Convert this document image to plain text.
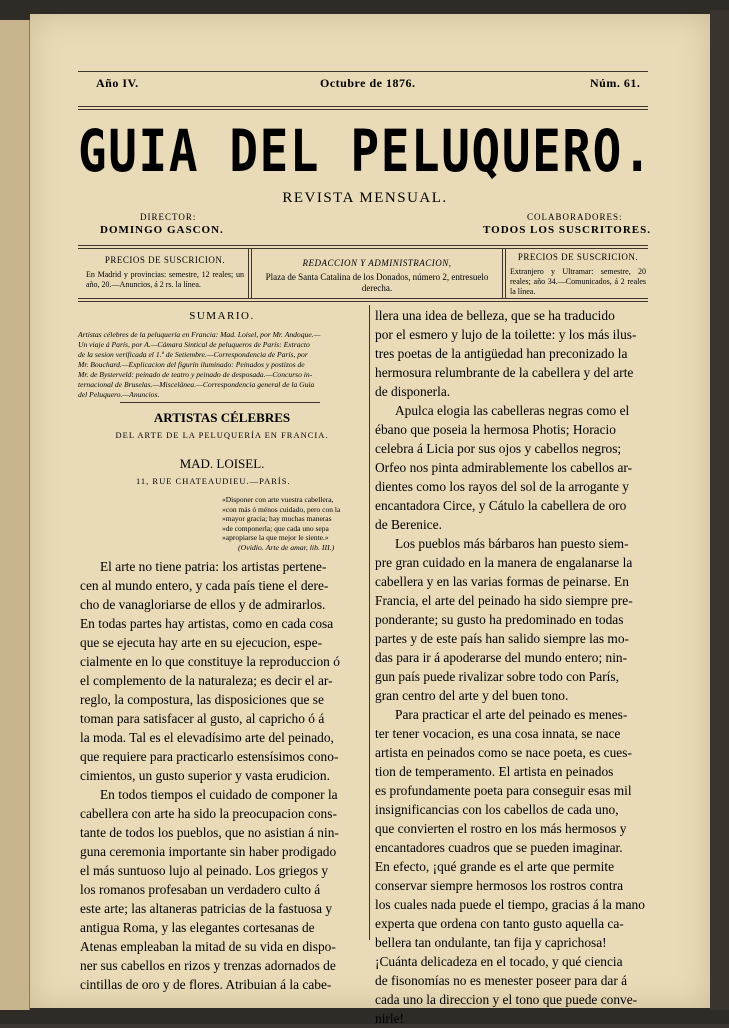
Año IV.	Octubre de 1876.	Núm. 61.
GUIA DEL PELUQUERO.
REVISTA MENSUAL.
DIRECTOR:
DOMINGO GASCON.
COLABORADORES:
TODOS LOS SUSCRITORES.
PRECIOS DE SUSCRICION.
En Madrid y provincias: semestre, 12 reales; un año, 20.—Anuncios, á 2 rs. la línea.
REDACCION Y ADMINISTRACION,
Plaza de Santa Catalina de los Donados, número 2, entresuelo derecha.
PRECIOS DE SUSCRICION.
Extranjero y Ultramar: semestre, 20 reales; año 34.—Comunicados, á 2 reales la línea.
SUMARIO.
Artistas célebres de la peluquería en Francia: Mad. Loisel, por Mr. Andoque.—
Un viaje á París, por A.—Cámara Sintical de peluqueros de París: Extracto
de la sesion verificada el 1.º de Setiembre.—Correspondencia de París, por
Mr. Bouchard.—Explicacion del figurín iluminado: Peinados y postizos de
Mr. de Bysterveld: peinado de teatro y peinado de desposada.—Concurso in-
ternacional de Bruselas.—Miscelánea.—Correspondencia general de la Guia
del Peluquero.—Anuncios.
ARTISTAS CÉLEBRES
DEL ARTE DE LA PELUQUERÍA EN FRANCIA.
MAD. LOISEL.
11, RUE CHATEAUDIEU.—PARÍS.
«Disponer con arte vuestra cabellera,
»con más ó ménos cuidado, pero con la
»mayor gracia; hay muchas maneras
»de componerla; que cada uno sepa
»apropiarse la que mejor le siente.»
(Ovidio. Arte de amar, lib. III.)
El arte no tiene patria: los artistas pertene-
cen al mundo entero, y cada país tiene el dere-
cho de vanagloriarse de ellos y de admirarlos.
En todas partes hay artistas, como en cada cosa
que se ejecuta hay arte en su ejecucion, espe-
cialmente en lo que constituye la reproduccion ó
el complemento de la naturaleza; es decir el ar-
reglo, la compostura, las disposiciones que se
toman para satisfacer al gusto, al capricho ó á
la moda. Tal es el elevadísimo arte del peinado,
que requiere para practicarlo estensísimos cono-
cimientos, un gusto superior y vasta erudicion.
En todos tiempos el cuidado de componer la
cabellera con arte ha sido la preocupacion cons-
tante de todos los pueblos, que no asistian á nin-
guna ceremonia importante sin haber prodigado
el más suntuoso lujo al peinado. Los griegos y
los romanos profesaban un verdadero culto á
este arte; las altaneras patricias de la fastuosa y
antigua Roma, y las elegantes cortesanas de
Atenas empleaban la mitad de su vida en dispo-
ner sus cabellos en rizos y trenzas adornados de
cintillas de oro y de flores. Atribuian á la cabe-
llera una idea de belleza, que se ha traducido
por el esmero y lujo de la toilette: y los más ilus-
tres poetas de la antigüedad han preconizado la
hermosura relumbrante de la cabellera y del arte
de disponerla.
Apulca elogia las cabelleras negras como el
ébano que poseia la hermosa Photis; Horacio
celebra á Licia por sus ojos y cabellos negros;
Orfeo nos pinta admirablemente los cabellos ar-
dientes como los rayos del sol de la arrogante y
encantadora Circe, y Cátulo la cabellera de oro
de Berenice.
Los pueblos más bárbaros han puesto siem-
pre gran cuidado en la manera de engalanarse la
cabellera y en las varias formas de peinarse. En
Francia, el arte del peinado ha sido siempre pre-
ponderante; su gusto ha predominado en todas
partes y de este país han salido siempre las mo-
das para ir á apoderarse del mundo entero; nin-
gun país puede rivalizar sobre todo con París,
gran centro del arte y del buen tono.
Para practicar el arte del peinado es menes-
ter tener vocacion, es una cosa innata, se nace
artista en peinados como se nace poeta, es cues-
tion de temperamento. El artista en peinados
es profundamente poeta para conseguir esas mil
insignificancias con los cabellos de cada uno,
que convierten el rostro en los más hermosos y
encantadores cuadros que se pueden imaginar.
En efecto, ¡qué grande es el arte que permite
conservar siempre hermosos los rostros contra
los cuales nada puede el tiempo, gracias á la mano
experta que ordena con tanto gusto aquella ca-
bellera tan ondulante, tan fija y caprichosa!
¡Cuánta delicadeza en el tocado, y qué ciencia
de fisonomías no es menester poseer para dar á
cada uno la direccion y el tono que puede conve-
nirle!
